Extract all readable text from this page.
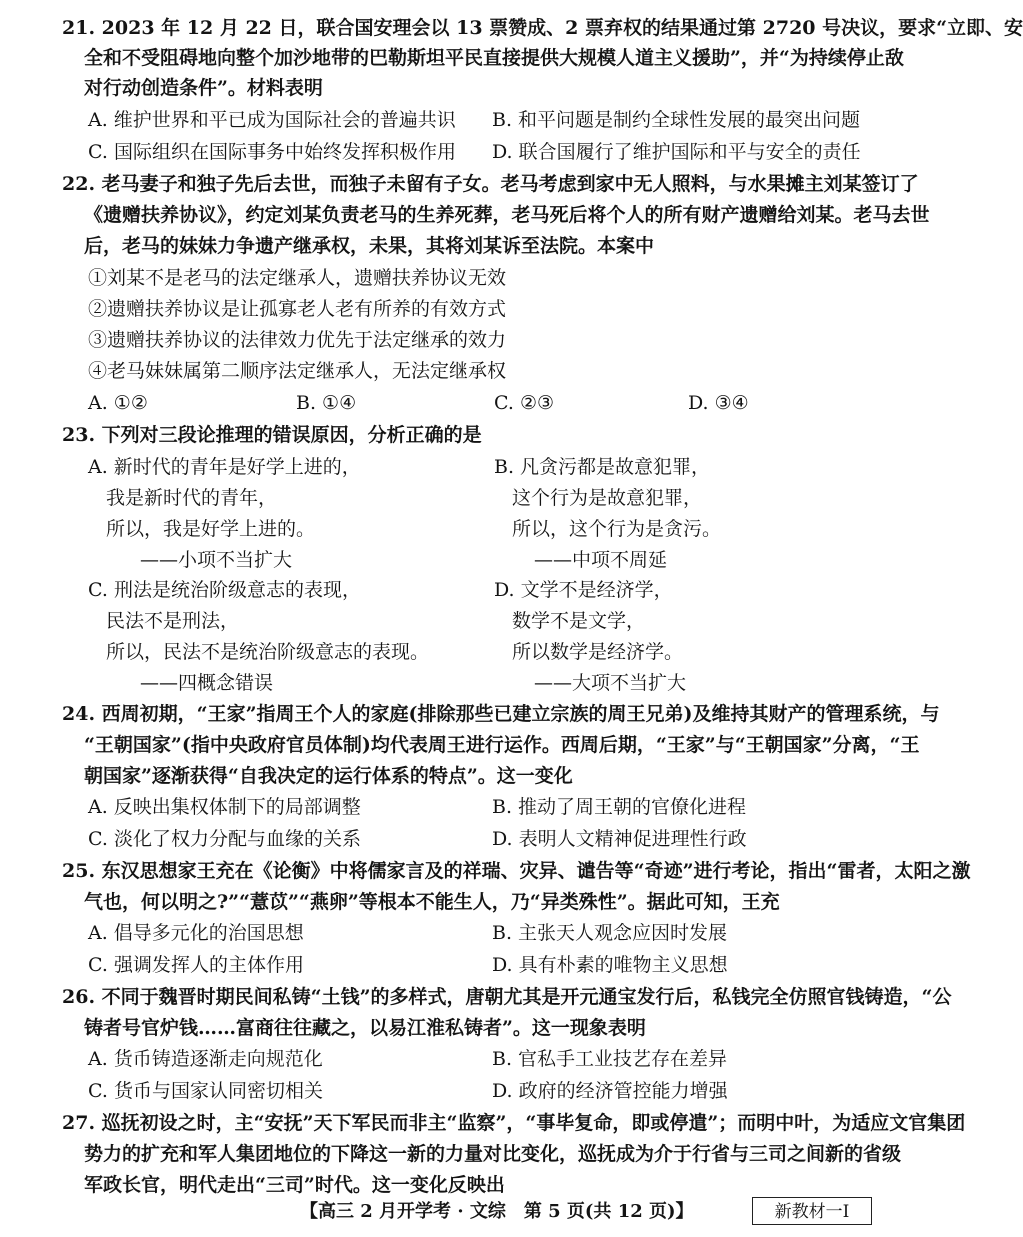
21. 2023 年 12 月 22 日，联合国安理会以 13 票赞成、2 票弃权的结果通过第 2720 号决议，要求“立即、安
全和不受阻碍地向整个加沙地带的巴勒斯坦平民直接提供大规模人道主义援助”，并“为持续停止敌
对行动创造条件”。材料表明
A. 维护世界和平已成为国际社会的普遍共识 B. 和平问题是制约全球性发展的最突出问题
C. 国际组织在国际事务中始终发挥积极作用 D. 联合国履行了维护国际和平与安全的责任
22. 老马妻子和独子先后去世，而独子未留有子女。老马考虑到家中无人照料，与水果摊主刘某签订了
《遗赠扶养协议》，约定刘某负责老马的生养死葬，老马死后将个人的所有财产遗赠给刘某。老马去世
后，老马的妹妹力争遗产继承权，未果，其将刘某诉至法院。本案中
①刘某不是老马的法定继承人，遗赠扶养协议无效
②遗赠扶养协议是让孤寡老人老有所养的有效方式
③遗赠扶养协议的法律效力优先于法定继承的效力
④老马妹妹属第二顺序法定继承人，无法定继承权
A. ①②	B. ①④	C. ②③	D. ③④
23. 下列对三段论推理的错误原因，分析正确的是
A. 新时代的青年是好学上进的，
我是新时代的青年，
所以，我是好学上进的。
——小项不当扩大
B. 凡贪污都是故意犯罪，
这个行为是故意犯罪，
所以，这个行为是贪污。
——中项不周延
C. 刑法是统治阶级意志的表现，
民法不是刑法，
所以，民法不是统治阶级意志的表现。
——四概念错误
D. 文学不是经济学，
数学不是文学，
所以数学是经济学。
——大项不当扩大
24. 西周初期，“王家”指周王个人的家庭(排除那些已建立宗族的周王兄弟)及维持其财产的管理系统，与
“王朝国家”(指中央政府官员体制)均代表周王进行运作。西周后期，“王家”与“王朝国家”分离，“王
朝国家”逐渐获得“自我决定的运行体系的特点”。这一变化
A. 反映出集权体制下的局部调整	B. 推动了周王朝的官僚化进程
C. 淡化了权力分配与血缘的关系	D. 表明人文精神促进理性行政
25. 东汉思想家王充在《论衡》中将儒家言及的祥瑞、灾异、谴告等“奇迹”进行考论，指出“雷者，太阳之激
气也，何以明之?”“薏苡”“燕卵”等根本不能生人，乃“异类殊性”。据此可知，王充
A. 倡导多元化的治国思想	B. 主张天人观念应因时发展
C. 强调发挥人的主体作用	D. 具有朴素的唯物主义思想
26. 不同于魏晋时期民间私铸“土钱”的多样式，唐朝尤其是开元通宝发行后，私钱完全仿照官钱铸造，“公
铸者号官炉钱……富商往往藏之，以易江淮私铸者”。这一现象表明
A. 货币铸造逐渐走向规范化	B. 官私手工业技艺存在差异
C. 货币与国家认同密切相关	D. 政府的经济管控能力增强
27. 巡抚初设之时，主“安抚”天下军民而非主“监察”，“事毕复命，即或停遣”；而明中叶，为适应文官集团
势力的扩充和军人集团地位的下降这一新的力量对比变化，巡抚成为介于行省与三司之间新的省级
军政长官，明代走出“三司”时代。这一变化反映出
【高三 2 月开学考 · 文综　第 5 页(共 12 页)】	新教材一Ⅰ
